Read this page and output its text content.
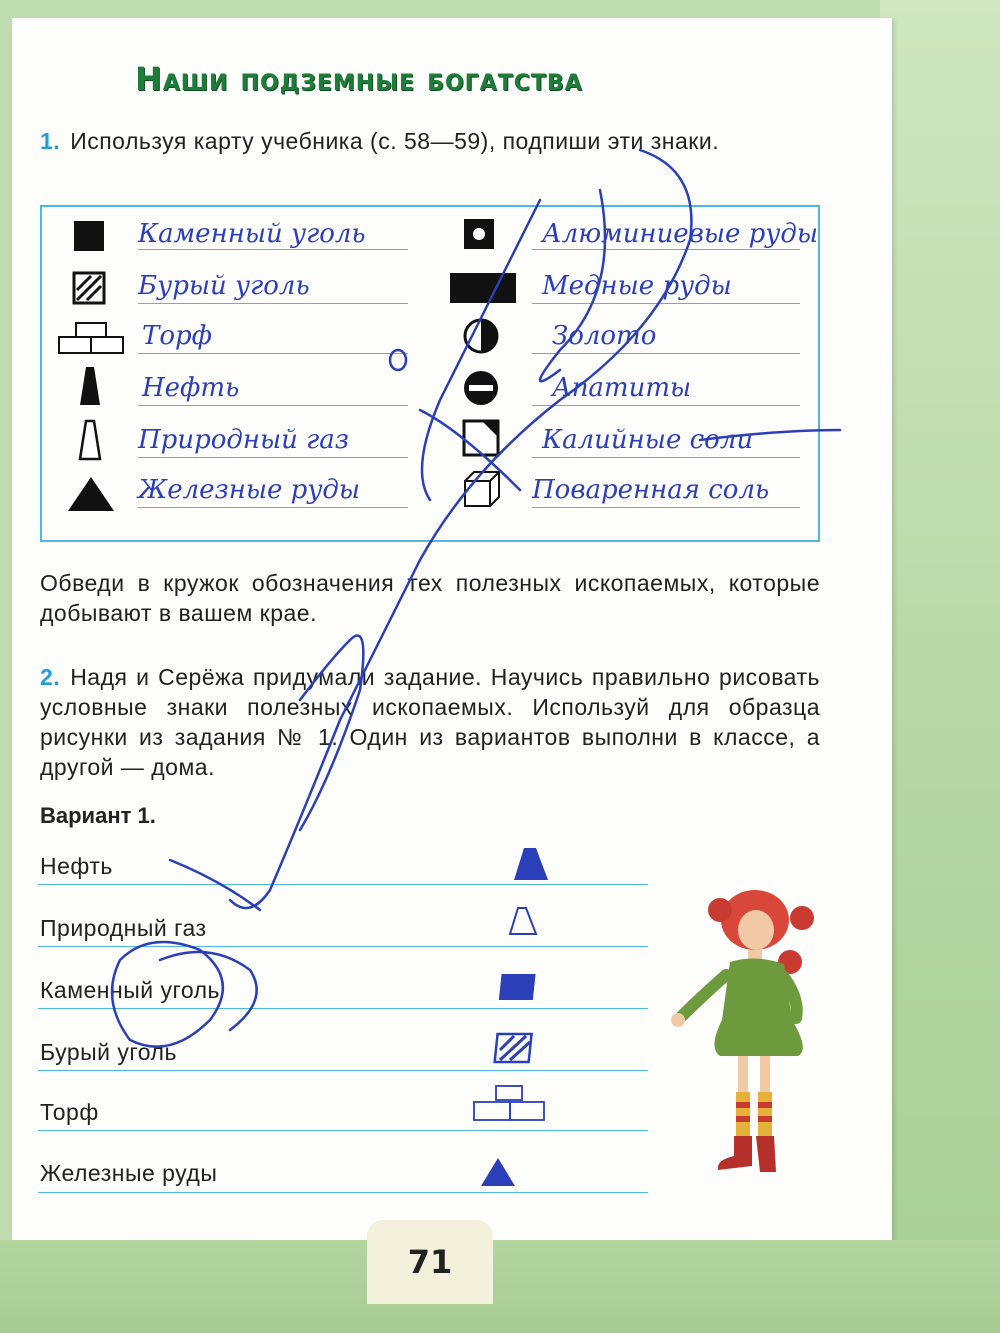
71
Наши подземные богатства
1. Используя карту учебника (с. 58—59), подпиши эти знаки.
Каменный уголь
Бурый уголь
Торф
Нефть
Природный газ
Железные руды
Алюминиевые руды
Медные руды
Золото
Апатиты
Калийные соли
Поваренная соль
Обведи в кружок обозначения тех полезных ископаемых, которые добывают в вашем крае.
2. Надя и Серёжа придумали задание. Научись правильно рисовать условные знаки полезных ископаемых. Используй для образца рисунки из задания № 1. Один из вариантов выполни в классе, а другой — дома.
Вариант 1.
Нефть
Природный газ
Каменный уголь
Бурый уголь
Торф
Железные руды
